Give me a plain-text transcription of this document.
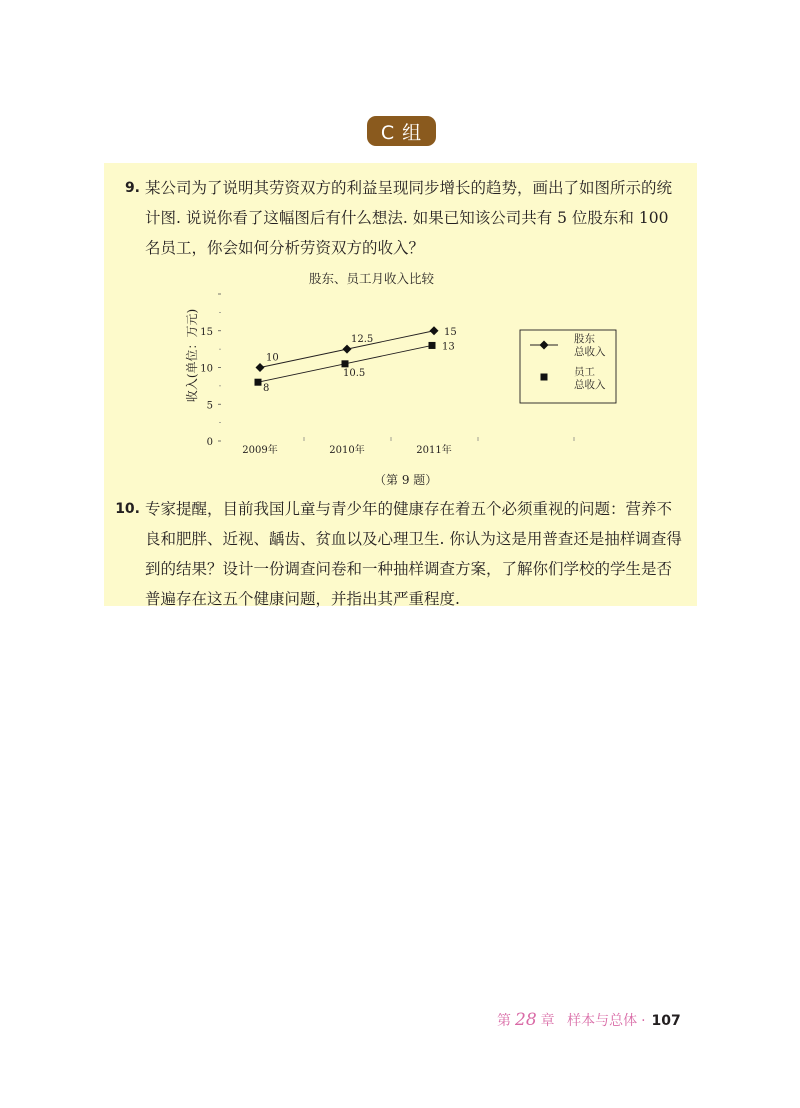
C 组
9. 某公司为了说明其劳资双方的利益呈现同步增长的趋势，画出了如图所示的统
计图. 说说你看了这幅图后有什么想法. 如果已知该公司共有 5 位股东和 100
名员工，你会如何分析劳资双方的收入？
股东、员工月收入比较
0
5
10
15
收入(单位：万元)
2009年	2010年	2011年
10
12.5
15
8
10.5
13
股东
总收入
员工
总收入
（第 9 题）
10. 专家提醒，目前我国儿童与青少年的健康存在着五个必须重视的问题：营养不
良和肥胖、近视、龋齿、贫血以及心理卫生. 你认为这是用普查还是抽样调查得
到的结果？设计一份调查问卷和一种抽样调查方案，了解你们学校的学生是否
普遍存在这五个健康问题，并指出其严重程度.
第 28 章 样本与总体 · 107
